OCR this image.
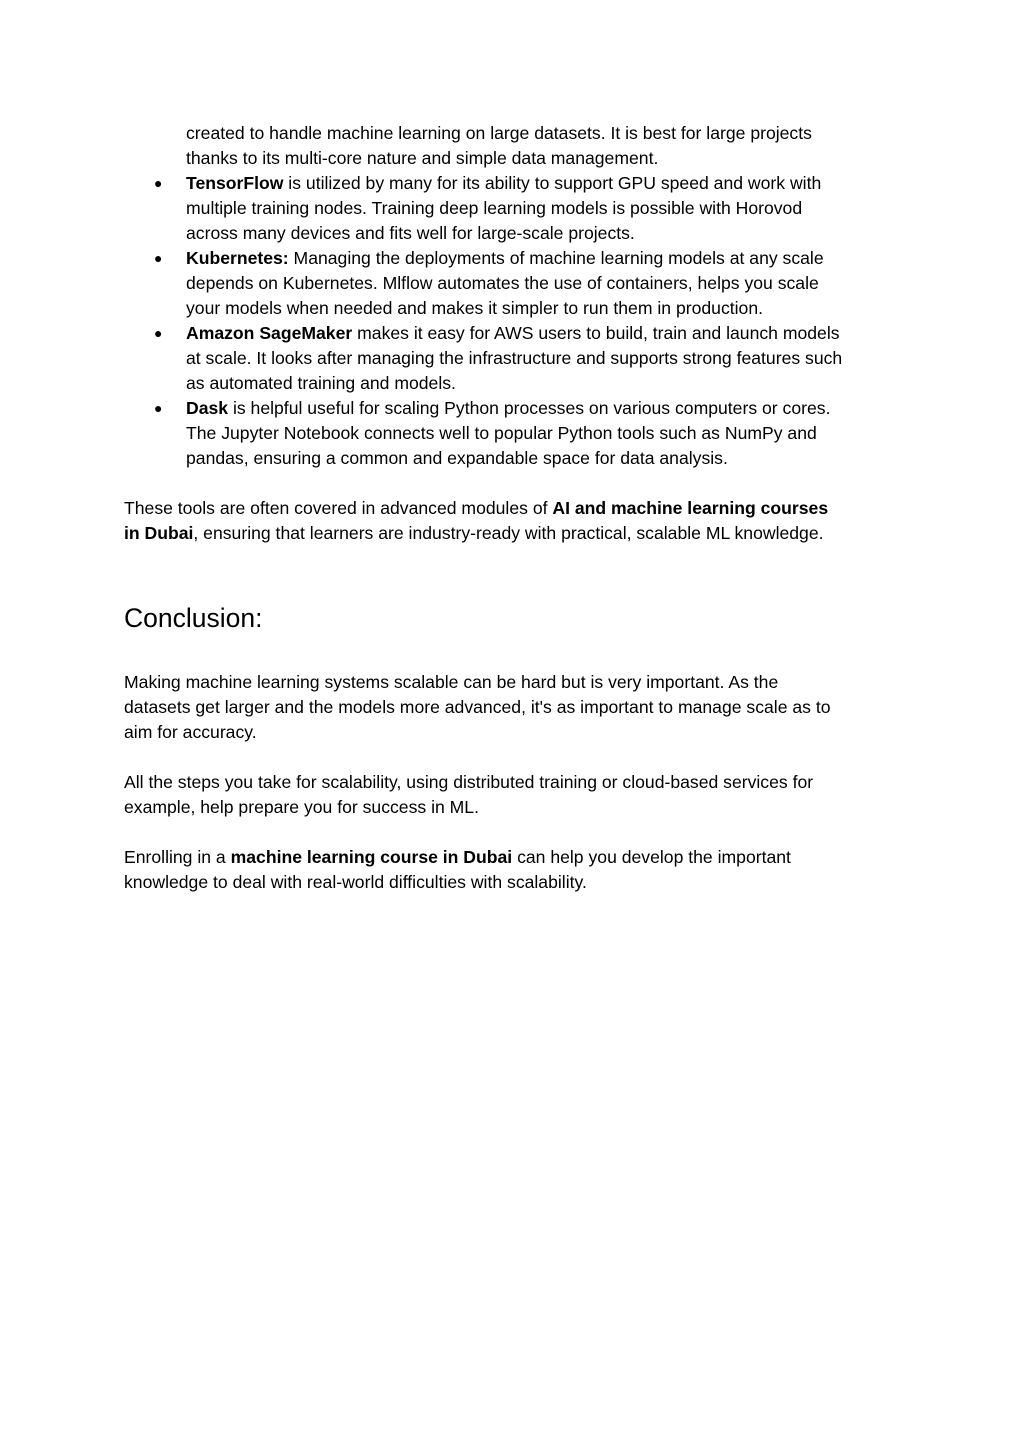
created to handle machine learning on large datasets. It is best for large projects
thanks to its multi-core nature and simple data management.
● TensorFlow is utilized by many for its ability to support GPU speed and work with
multiple training nodes. Training deep learning models is possible with Horovod
across many devices and fits well for large-scale projects.
● Kubernetes: Managing the deployments of machine learning models at any scale
depends on Kubernetes. Mlflow automates the use of containers, helps you scale
your models when needed and makes it simpler to run them in production.
● Amazon SageMaker makes it easy for AWS users to build, train and launch models
at scale. It looks after managing the infrastructure and supports strong features such
as automated training and models.
● Dask is helpful useful for scaling Python processes on various computers or cores.
The Jupyter Notebook connects well to popular Python tools such as NumPy and
pandas, ensuring a common and expandable space for data analysis.
These tools are often covered in advanced modules of AI and machine learning courses
in Dubai, ensuring that learners are industry-ready with practical, scalable ML knowledge.
Conclusion:
Making machine learning systems scalable can be hard but is very important. As the
datasets get larger and the models more advanced, it's as important to manage scale as to
aim for accuracy.
All the steps you take for scalability, using distributed training or cloud-based services for
example, help prepare you for success in ML.
Enrolling in a machine learning course in Dubai can help you develop the important
knowledge to deal with real-world difficulties with scalability.
